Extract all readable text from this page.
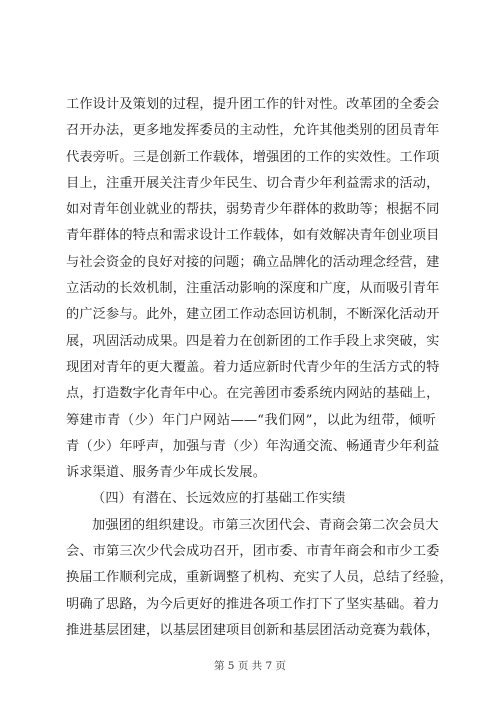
工作设计及策划的过程，提升团工作的针对性。改革团的全委会
召开办法，更多地发挥委员的主动性，允许其他类别的团员青年
代表旁听。三是创新工作载体，增强团的工作的实效性。工作项
目上，注重开展关注青少年民生、切合青少年利益需求的活动，
如对青年创业就业的帮扶，弱势青少年群体的救助等；根据不同
青年群体的特点和需求设计工作载体，如有效解决青年创业项目
与社会资金的良好对接的问题；确立品牌化的活动理念经营，建
立活动的长效机制，注重活动影响的深度和广度，从而吸引青年
的广泛参与。此外，建立团工作动态回访机制，不断深化活动开
展，巩固活动成果。四是着力在创新团的工作手段上求突破，实
现团对青年的更大覆盖。着力适应新时代青少年的生活方式的特
点，打造数字化青年中心。在完善团市委系统内网站的基础上，
筹建市青（少）年门户网站——“我们网”，以此为纽带，倾听
青（少）年呼声，加强与青（少）年沟通交流、畅通青少年利益
诉求渠道、服务青少年成长发展。
（四）有潜在、长远效应的打基础工作实绩
加强团的组织建设。市第三次团代会、青商会第二次会员大
会、市第三次少代会成功召开，团市委、市青年商会和市少工委
换届工作顺利完成，重新调整了机构、充实了人员，总结了经验，
明确了思路，为今后更好的推进各项工作打下了坚实基础。着力
推进基层团建，以基层团建项目创新和基层团活动竞赛为载体，
第 5 页 共 7 页
